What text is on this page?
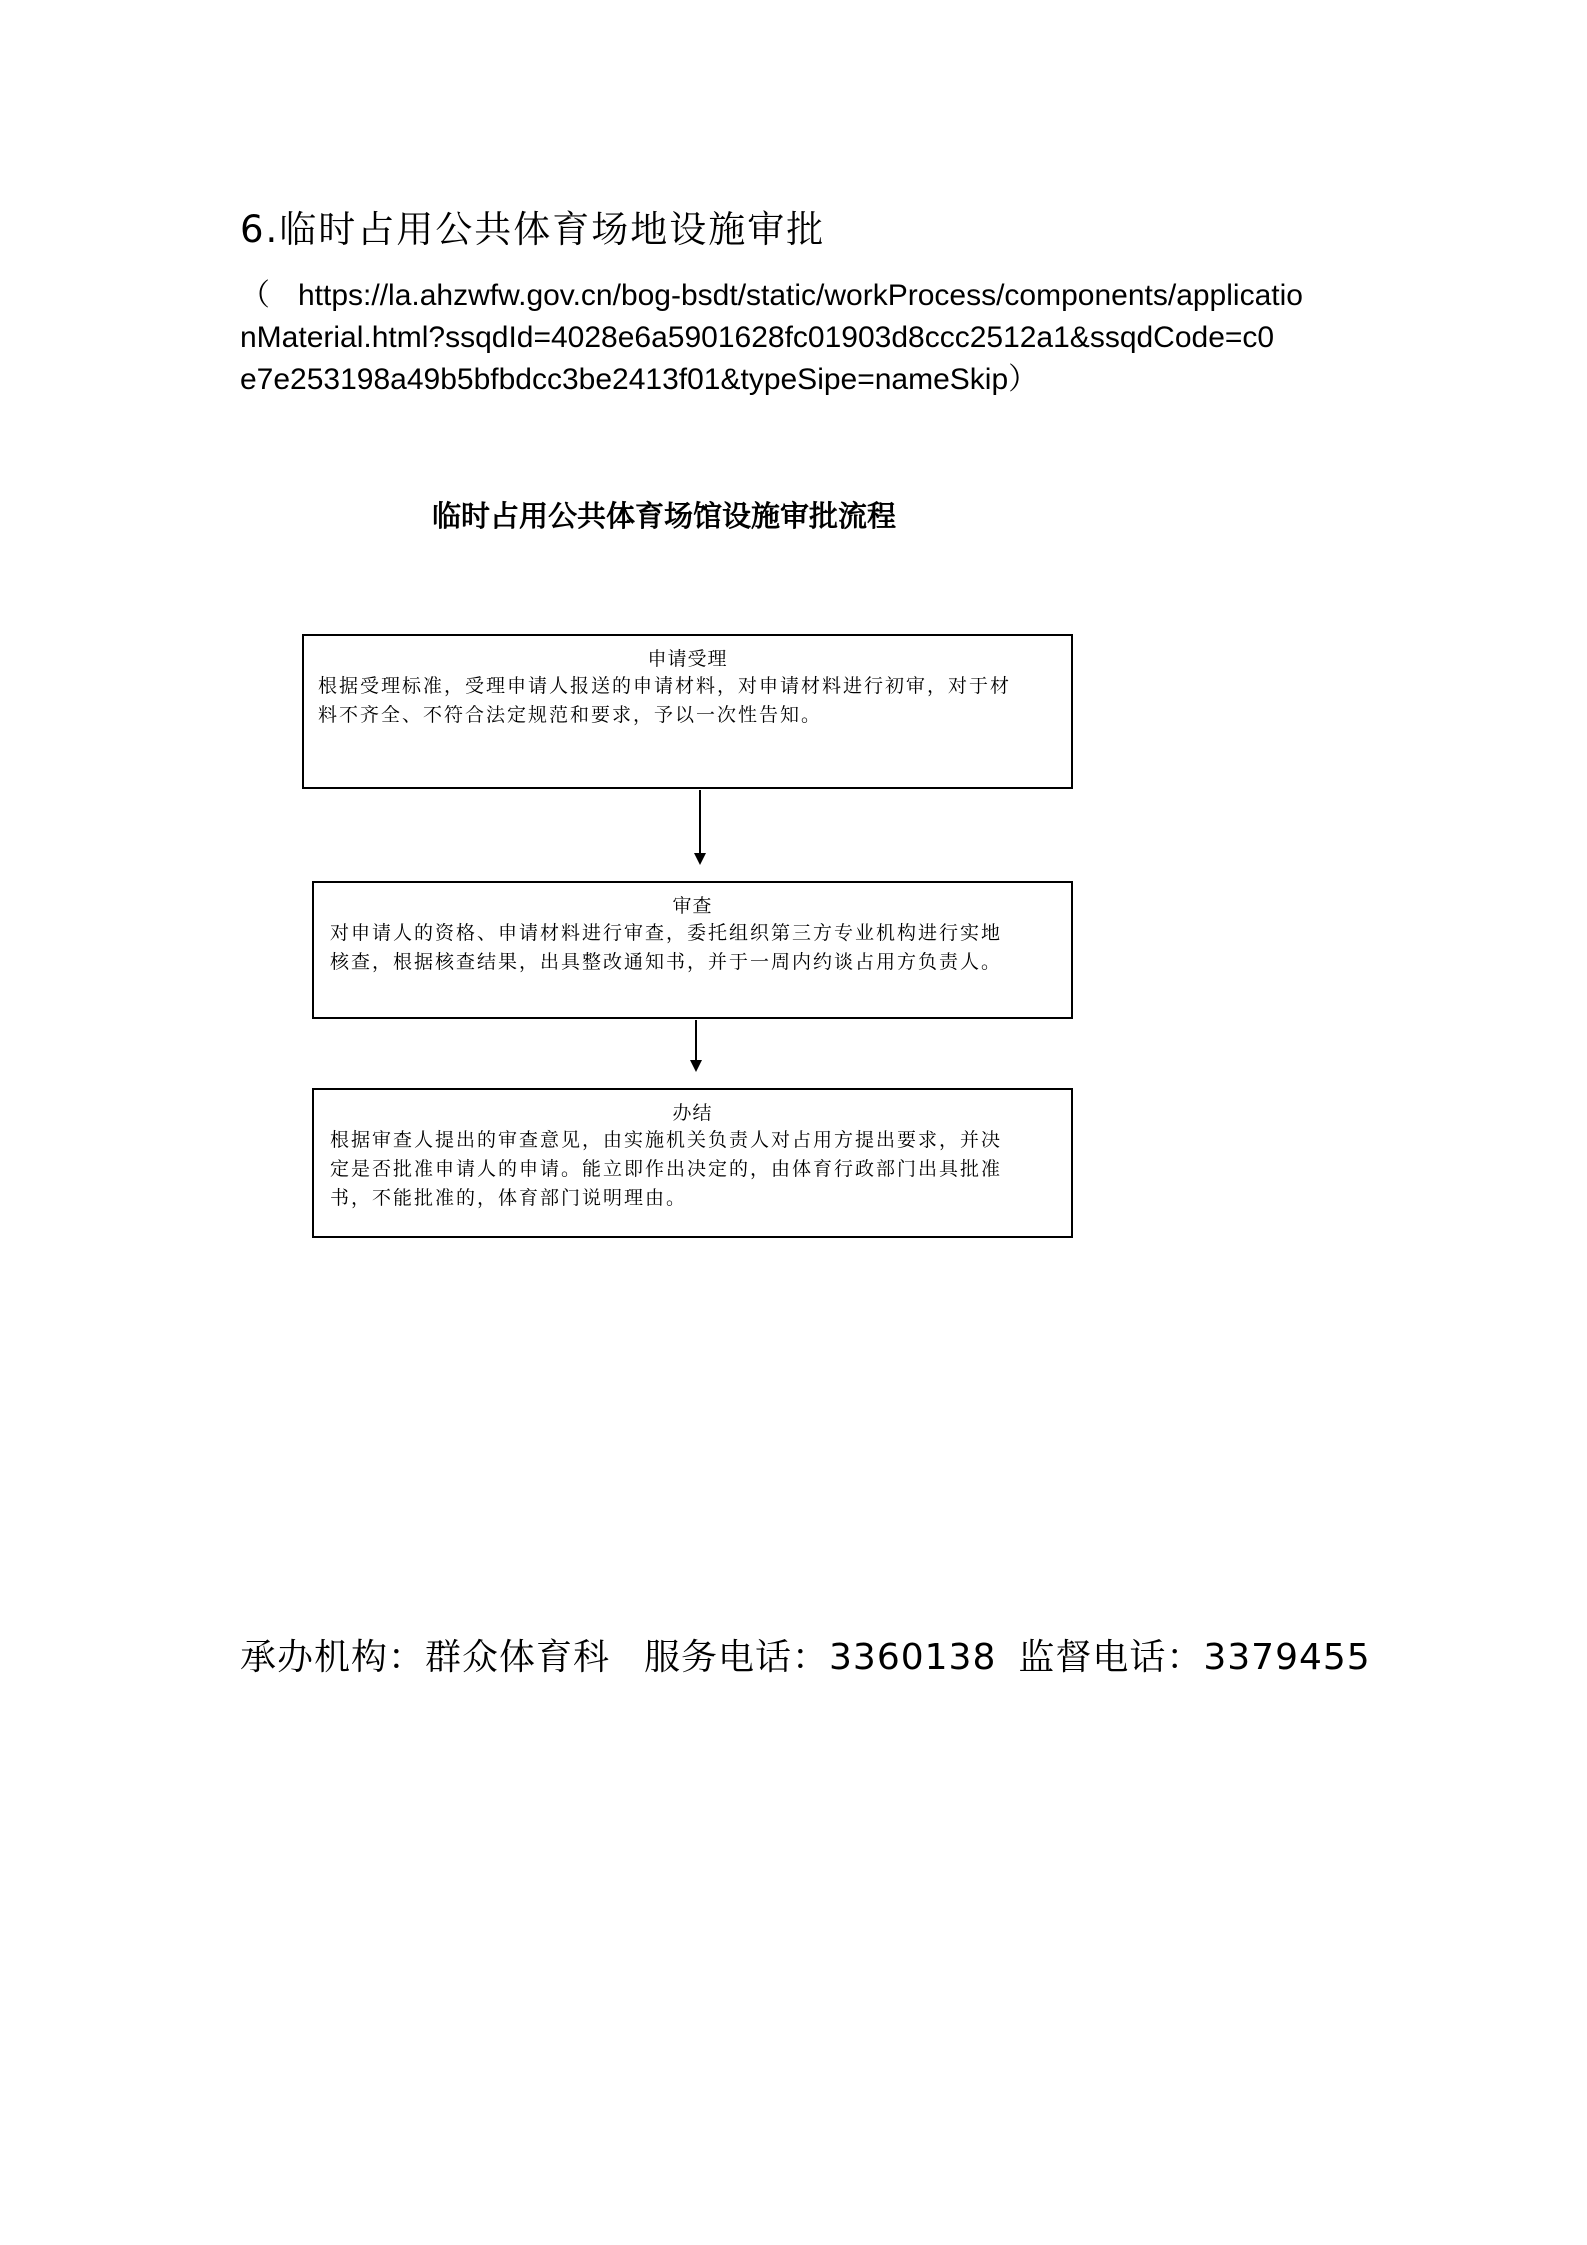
6.临时占用公共体育场地设施审批
（ https://la.ahzwfw.gov.cn/bog-bsdt/static/workProcess/components/applicatio
nMaterial.html?ssqdId=4028e6a5901628fc01903d8ccc2512a1&ssqdCode=c0
e7e253198a49b5bfbdcc3be2413f01&typeSipe=nameSkip）
临时占用公共体育场馆设施审批流程
申请受理
根据受理标准，受理申请人报送的申请材料，对申请材料进行初审，对于材
料不齐全、不符合法定规范和要求，予以一次性告知。
审查
对申请人的资格、申请材料进行审查，委托组织第三方专业机构进行实地
核查，根据核查结果，出具整改通知书，并于一周内约谈占用方负责人。
办结
根据审查人提出的审查意见，由实施机关负责人对占用方提出要求，并决
定是否批准申请人的申请。能立即作出决定的，由体育行政部门出具批准
书，不能批准的，体育部门说明理由。
承办机构：群众体育科 服务电话：3360138 监督电话：3379455
